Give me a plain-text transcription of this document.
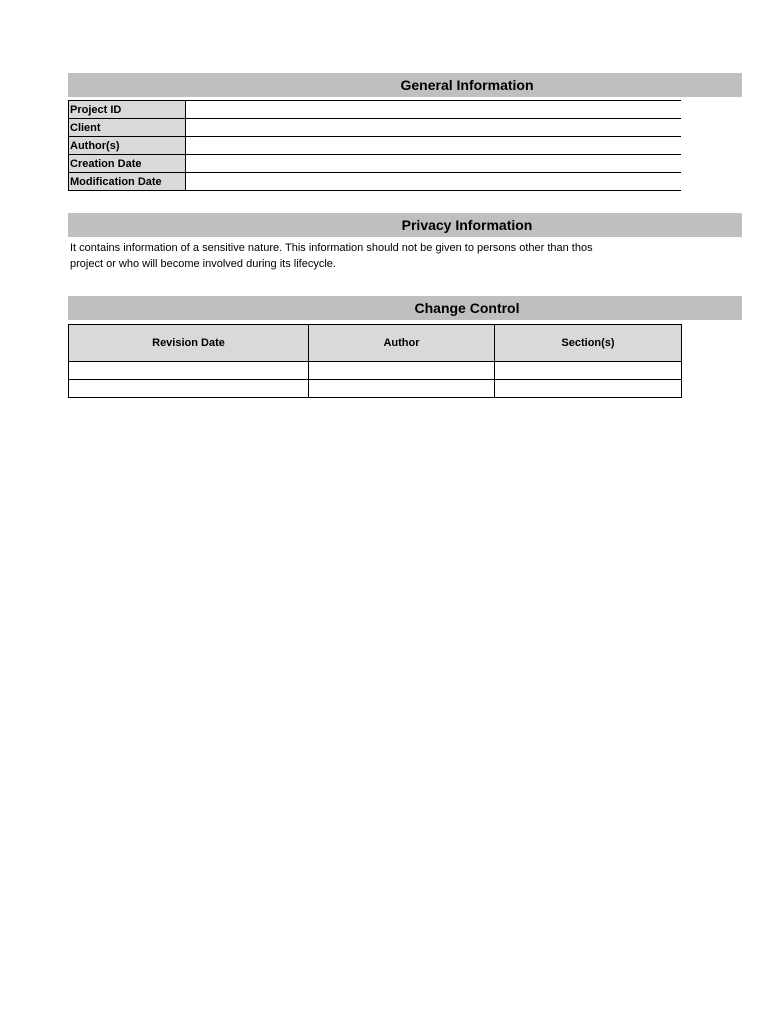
General Information
Project ID	
Client	
Author(s)	
Creation Date	
Modification Date	
Privacy Information
It contains information of a sensitive nature. This information should not be given to persons other than thos
project or who will become involved during its lifecycle.
Change Control
Revision Date	Author	Section(s)
